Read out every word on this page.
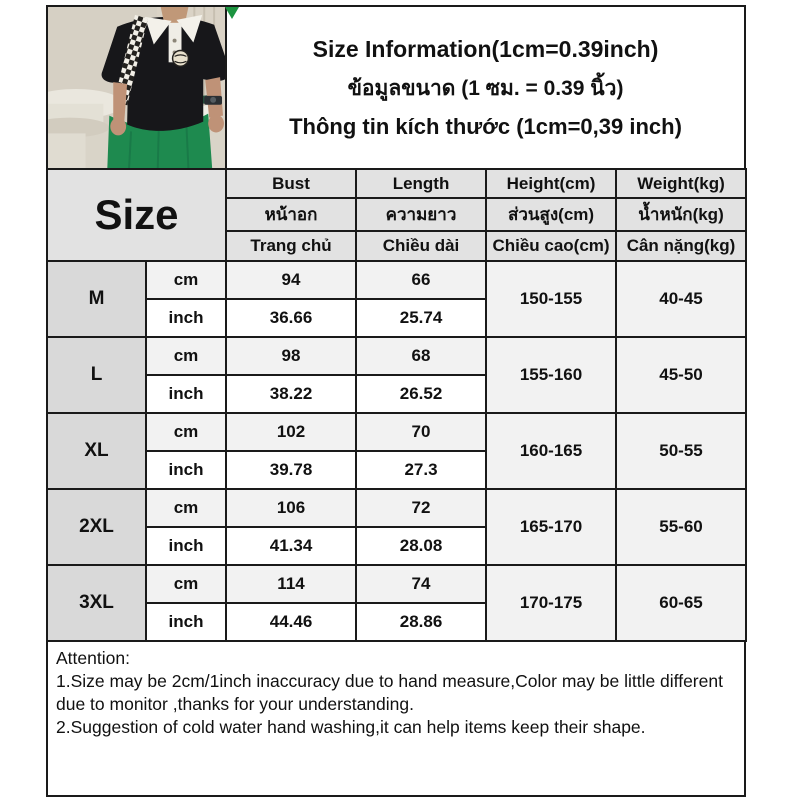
Size Information(1cm=0.39inch)
ข้อมูลขนาด (1 ซม. = 0.39 นิ้ว)
Thông tin kích thước (1cm=0,39 inch)
Size		Bust	Length	Height(cm)	Weight(kg)
		หน้าอก	ความยาว	ส่วนสูง(cm)	น้ำหนัก(kg)
		Trang chủ	Chiều dài	Chiều cao(cm)	Cân nặng(kg)
M	cm	94	66	150-155	40-45
	inch	36.66	25.74		
L	cm	98	68	155-160	45-50
	inch	38.22	26.52		
XL	cm	102	70	160-165	50-55
	inch	39.78	27.3		
2XL	cm	106	72	165-170	55-60
	inch	41.34	28.08		
3XL	cm	114	74	170-175	60-65
	inch	44.46	28.86		

Attention:

1.Size may be 2cm/1inch inaccuracy due to hand measure,Color may be little different due to monitor ,thanks for your understanding.

2.Suggestion of cold water hand washing,it can help items keep their shape.
